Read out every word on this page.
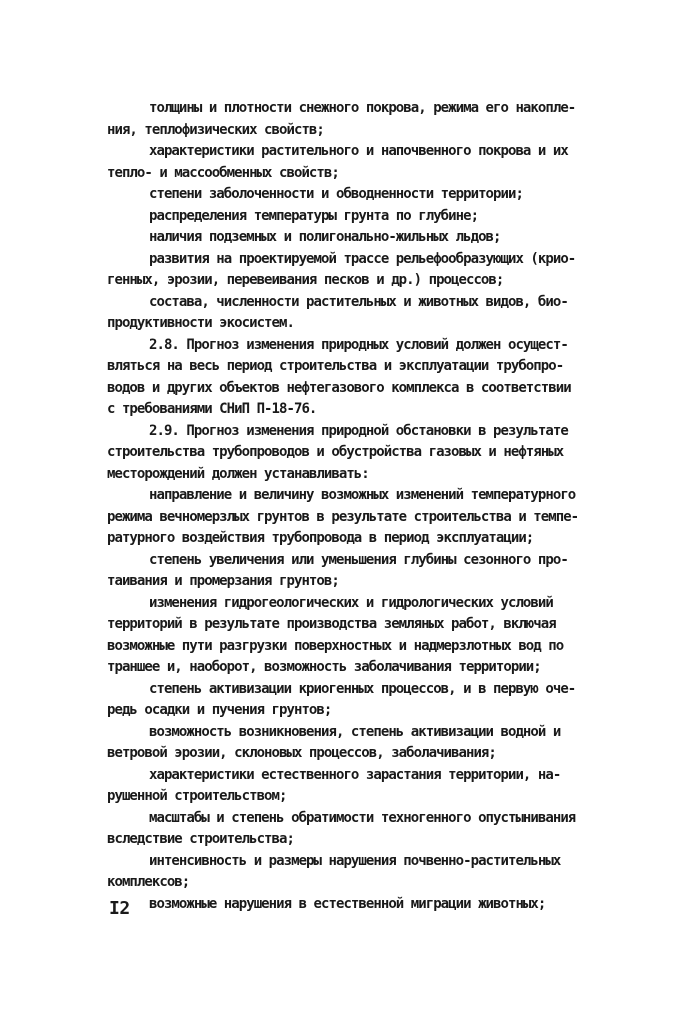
толщины и плотности снежного покрова, режима его накопле-
ния, теплофизических свойств;
характеристики растительного и напочвенного покрова и их
тепло- и массообменных свойств;
степени заболоченности и обводненности территории;
распределения температуры грунта по глубине;
наличия подземных и полигонально-жильных льдов;
развития на проектируемой трассе рельефообразующих (крио-
генных, эрозии, перевеивания песков и др.) процессов;
состава, численности растительных и животных видов, био-
продуктивности экосистем.
2.8. Прогноз изменения природных условий должен осущест-
вляться на весь период строительства и эксплуатации трубопро-
водов и других объектов нефтегазового комплекса в соответствии
с требованиями СНиП П-18-76.
2.9. Прогноз изменения природной обстановки в результате
строительства трубопроводов и обустройства газовых и нефтяных
месторождений должен устанавливать:
направление и величину возможных изменений температурного
режима вечномерзлых грунтов в результате строительства и темпе-
ратурного воздействия трубопровода в период эксплуатации;
степень увеличения или уменьшения глубины сезонного про-
таивания и промерзания грунтов;
изменения гидрогеологических и гидрологических условий
территорий в результате производства земляных работ, включая
возможные пути разгрузки поверхностных и надмерзлотных вод по
траншее и, наоборот, возможность заболачивания территории;
степень активизации криогенных процессов, и в первую оче-
редь осадки и пучения грунтов;
возможность возникновения, степень активизации водной и
ветровой эрозии, склоновых процессов, заболачивания;
характеристики естественного зарастания территории, на-
рушенной строительством;
масштабы и степень обратимости техногенного опустынивания
вследствие строительства;
интенсивность и размеры нарушения почвенно-растительных
комплексов;
возможные нарушения в естественной миграции животных;
I2
